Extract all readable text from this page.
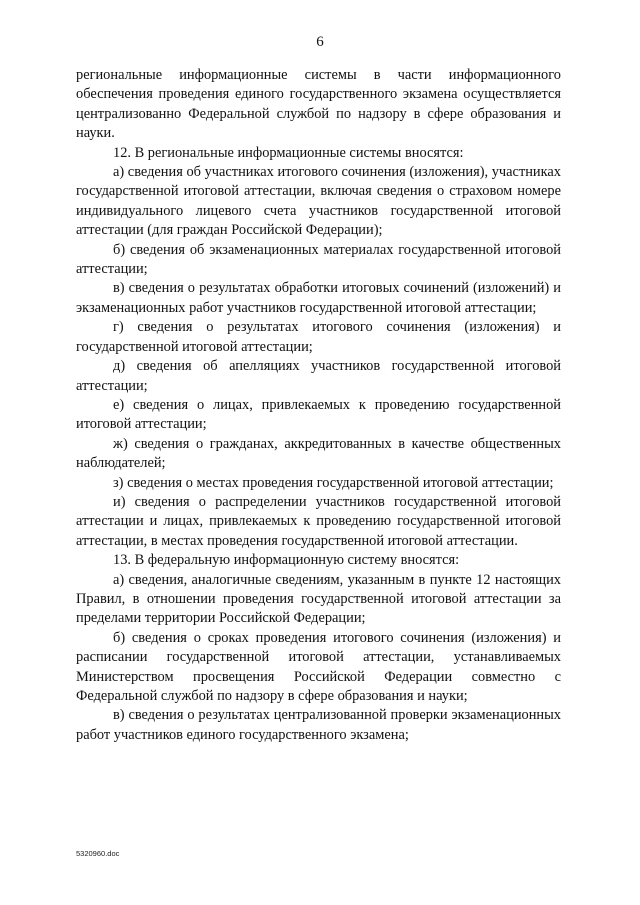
6

региональные информационные системы в части информационного обеспечения проведения единого государственного экзамена осуществляется централизованно Федеральной службой по надзору в сфере образования и науки.

12. В региональные информационные системы вносятся:

а) сведения об участниках итогового сочинения (изложения), участниках государственной итоговой аттестации, включая сведения о страховом номере индивидуального лицевого счета участников государственной итоговой аттестации (для граждан Российской Федерации);

б) сведения об экзаменационных материалах государственной итоговой аттестации;

в) сведения о результатах обработки итоговых сочинений (изложений) и экзаменационных работ участников государственной итоговой аттестации;

г) сведения о результатах итогового сочинения (изложения) и государственной итоговой аттестации;

д) сведения об апелляциях участников государственной итоговой аттестации;

е) сведения о лицах, привлекаемых к проведению государственной итоговой аттестации;

ж) сведения о гражданах, аккредитованных в качестве общественных наблюдателей;

з) сведения о местах проведения государственной итоговой аттестации;

и) сведения о распределении участников государственной итоговой аттестации и лицах, привлекаемых к проведению государственной итоговой аттестации, в местах проведения государственной итоговой аттестации.

13. В федеральную информационную систему вносятся:

а) сведения, аналогичные сведениям, указанным в пункте 12 настоящих Правил, в отношении проведения государственной итоговой аттестации за пределами территории Российской Федерации;

б) сведения о сроках проведения итогового сочинения (изложения) и расписании государственной итоговой аттестации, устанавливаемых Министерством просвещения Российской Федерации совместно с Федеральной службой по надзору в сфере образования и науки;

в) сведения о результатах централизованной проверки экзаменационных работ участников единого государственного экзамена;

5320960.doc
